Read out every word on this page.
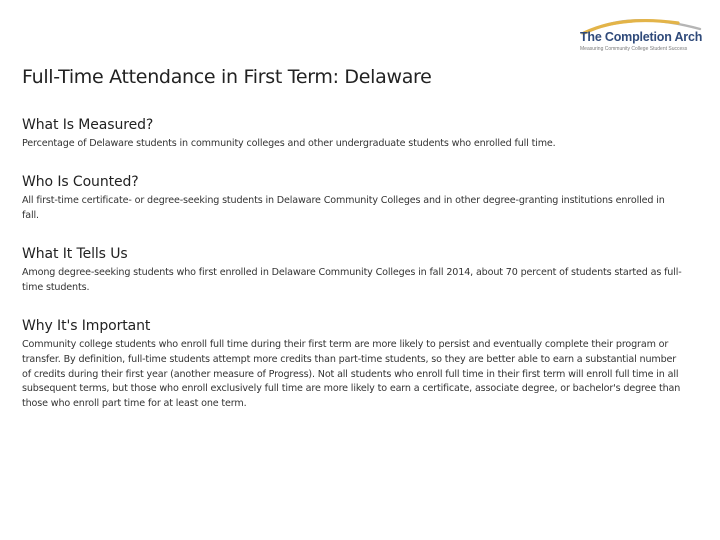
The Completion Arch
Measuring Community College Student Success
Full-Time Attendance in First Term: Delaware
What Is Measured?

Percentage of Delaware students in community colleges and other undergraduate students who enrolled full time.

Who Is Counted?

All first-time certificate- or degree-seeking students in Delaware Community Colleges and in other degree-granting institutions enrolled in fall.

What It Tells Us

Among degree-seeking students who first enrolled in Delaware Community Colleges in fall 2014, about 70 percent of students started as full-time students.

Why It's Important

Community college students who enroll full time during their first term are more likely to persist and eventually complete their program or transfer. By definition, full-time students attempt more credits than part-time students, so they are better able to earn a substantial number of credits during their first year (another measure of Progress). Not all students who enroll full time in their first term will enroll full time in all subsequent terms, but those who enroll exclusively full time are more likely to earn a certificate, associate degree, or bachelor's degree than those who enroll part time for at least one term.
